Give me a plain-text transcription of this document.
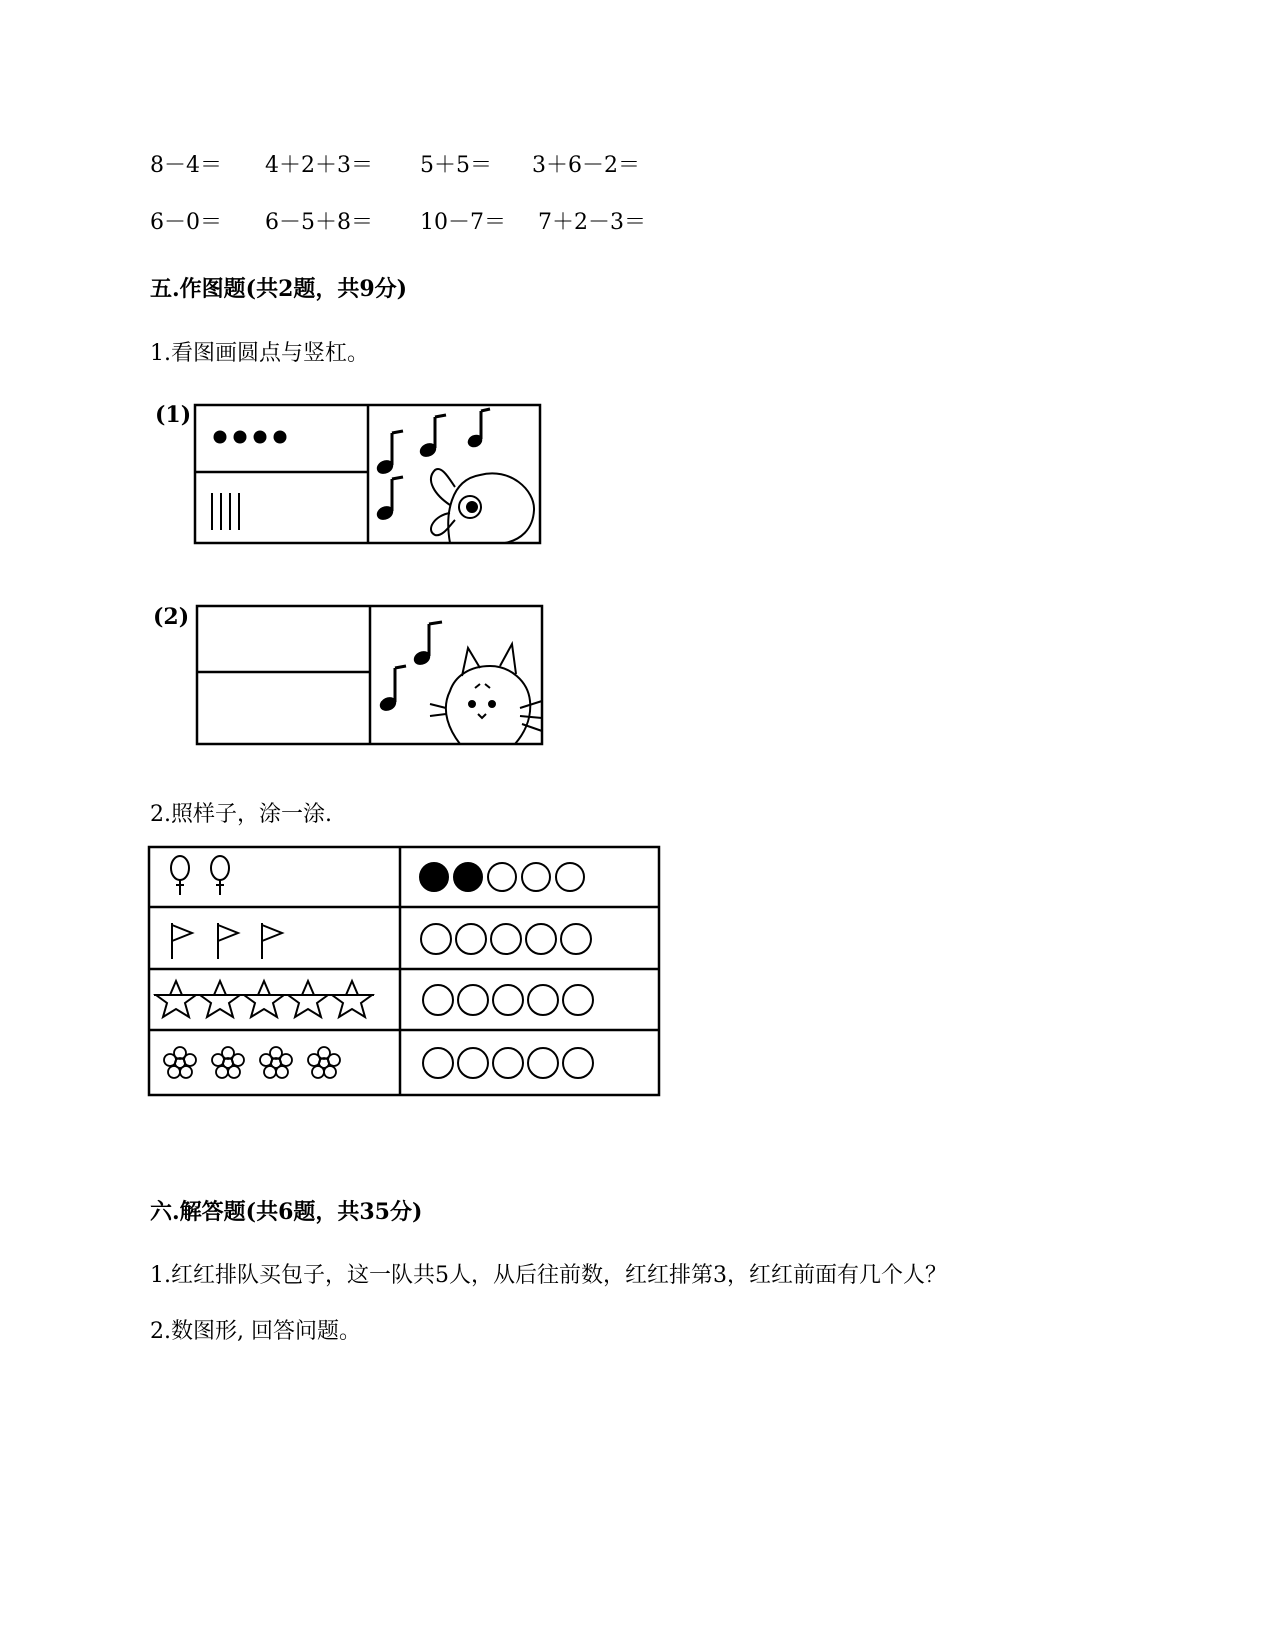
8－4＝ 4＋2＋3＝ 5＋5＝ 3＋6－2＝
6－0＝ 6－5＋8＝ 10－7＝ 7＋2－3＝
五.作图题(共2题，共9分)
1.看图画圆点与竖杠。
(1)
(2)
2.照样子，涂一涂.
六.解答题(共6题，共35分)
1.红红排队买包子，这一队共5人，从后往前数，红红排第3，红红前面有几个人？
2.数图形, 回答问题。
